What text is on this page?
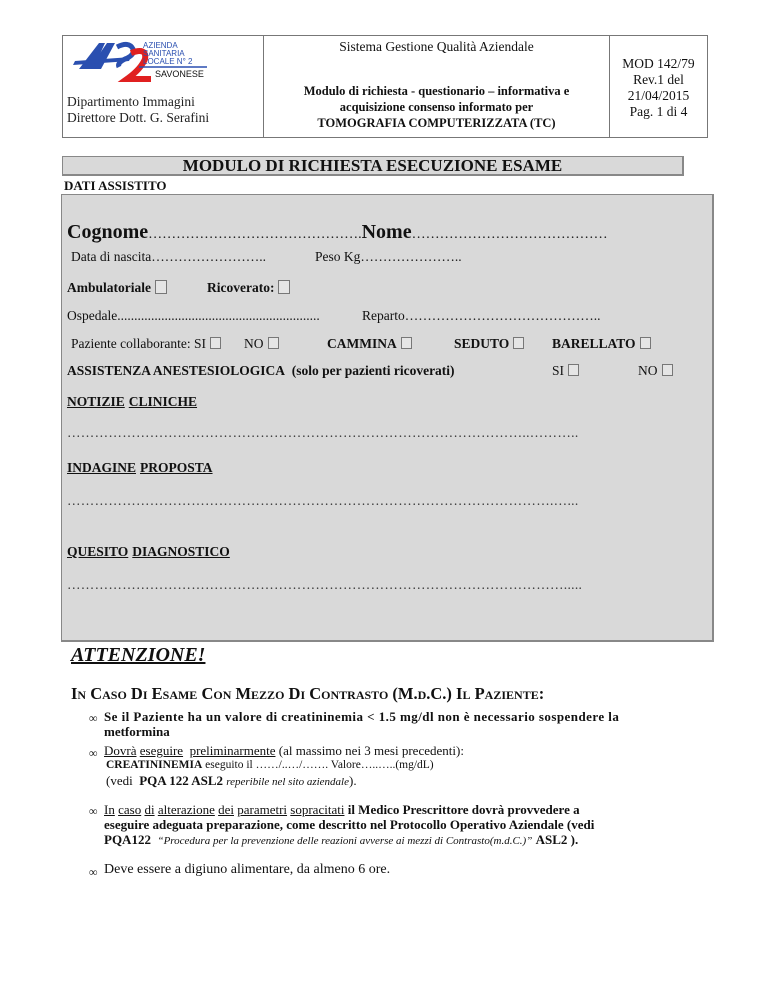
AZIENDA
SANITARIA
LOCALE N° 2
SAVONESE
Dipartimento Immagini
Direttore Dott. G. Serafini
Sistema Gestione Qualità Aziendale
Modulo di richiesta - questionario – informativa e
acquisizione consenso informato per
TOMOGRAFIA COMPUTERIZZATA (TC)
MOD 142/79
Rev.1 del
21/04/2015
Pag. 1 di 4
MODULO DI RICHIESTA ESECUZIONE ESAME
DATI ASSISTITO
Cognome……………………………………….Nome……………………………………
Data di nascita……………………..	Peso Kg…………………..
Ambulatoriale	Ricoverato:
Ospedale............................................................	Reparto……………………………………..
Paziente collaborante: SI	NO	CAMMINA	SEDUTO	BARELLATO
ASSISTENZA ANESTESIOLOGICA (solo per pazienti ricoverati)	SI	NO
NOTIZIE CLINICHE
………………………………………………………………………………………..………..
INDAGINE PROPOSTA
…………………………………………………………………………………………….…...
QUESITO DIAGNOSTICO
……………………………………………………………………………………………….....
ATTENZIONE!
In Caso Di Esame Con Mezzo Di Contrasto (M.d.C.) Il Paziente:
∞ Se il Paziente ha un valore di creatininemia < 1.5 mg/dl non è necessario sospendere la
metformina
∞ Dovrà eseguire preliminarmente (al massimo nei 3 mesi precedenti):
CREATININEMIA eseguito il ……/..…/……. Valore…..…..(mg/dL)
(vedi PQA 122 ASL2 reperibile nel sito aziendale).
∞ In caso di alterazione dei parametri sopracitati il Medico Prescrittore dovrà provvedere a
eseguire adeguata preparazione, come descritto nel Protocollo Operativo Aziendale (vedi
PQA122 “Procedura per la prevenzione delle reazioni avverse ai mezzi di Contrasto(m.d.C.)” ASL2 ).
∞ Deve essere a digiuno alimentare, da almeno 6 ore.
